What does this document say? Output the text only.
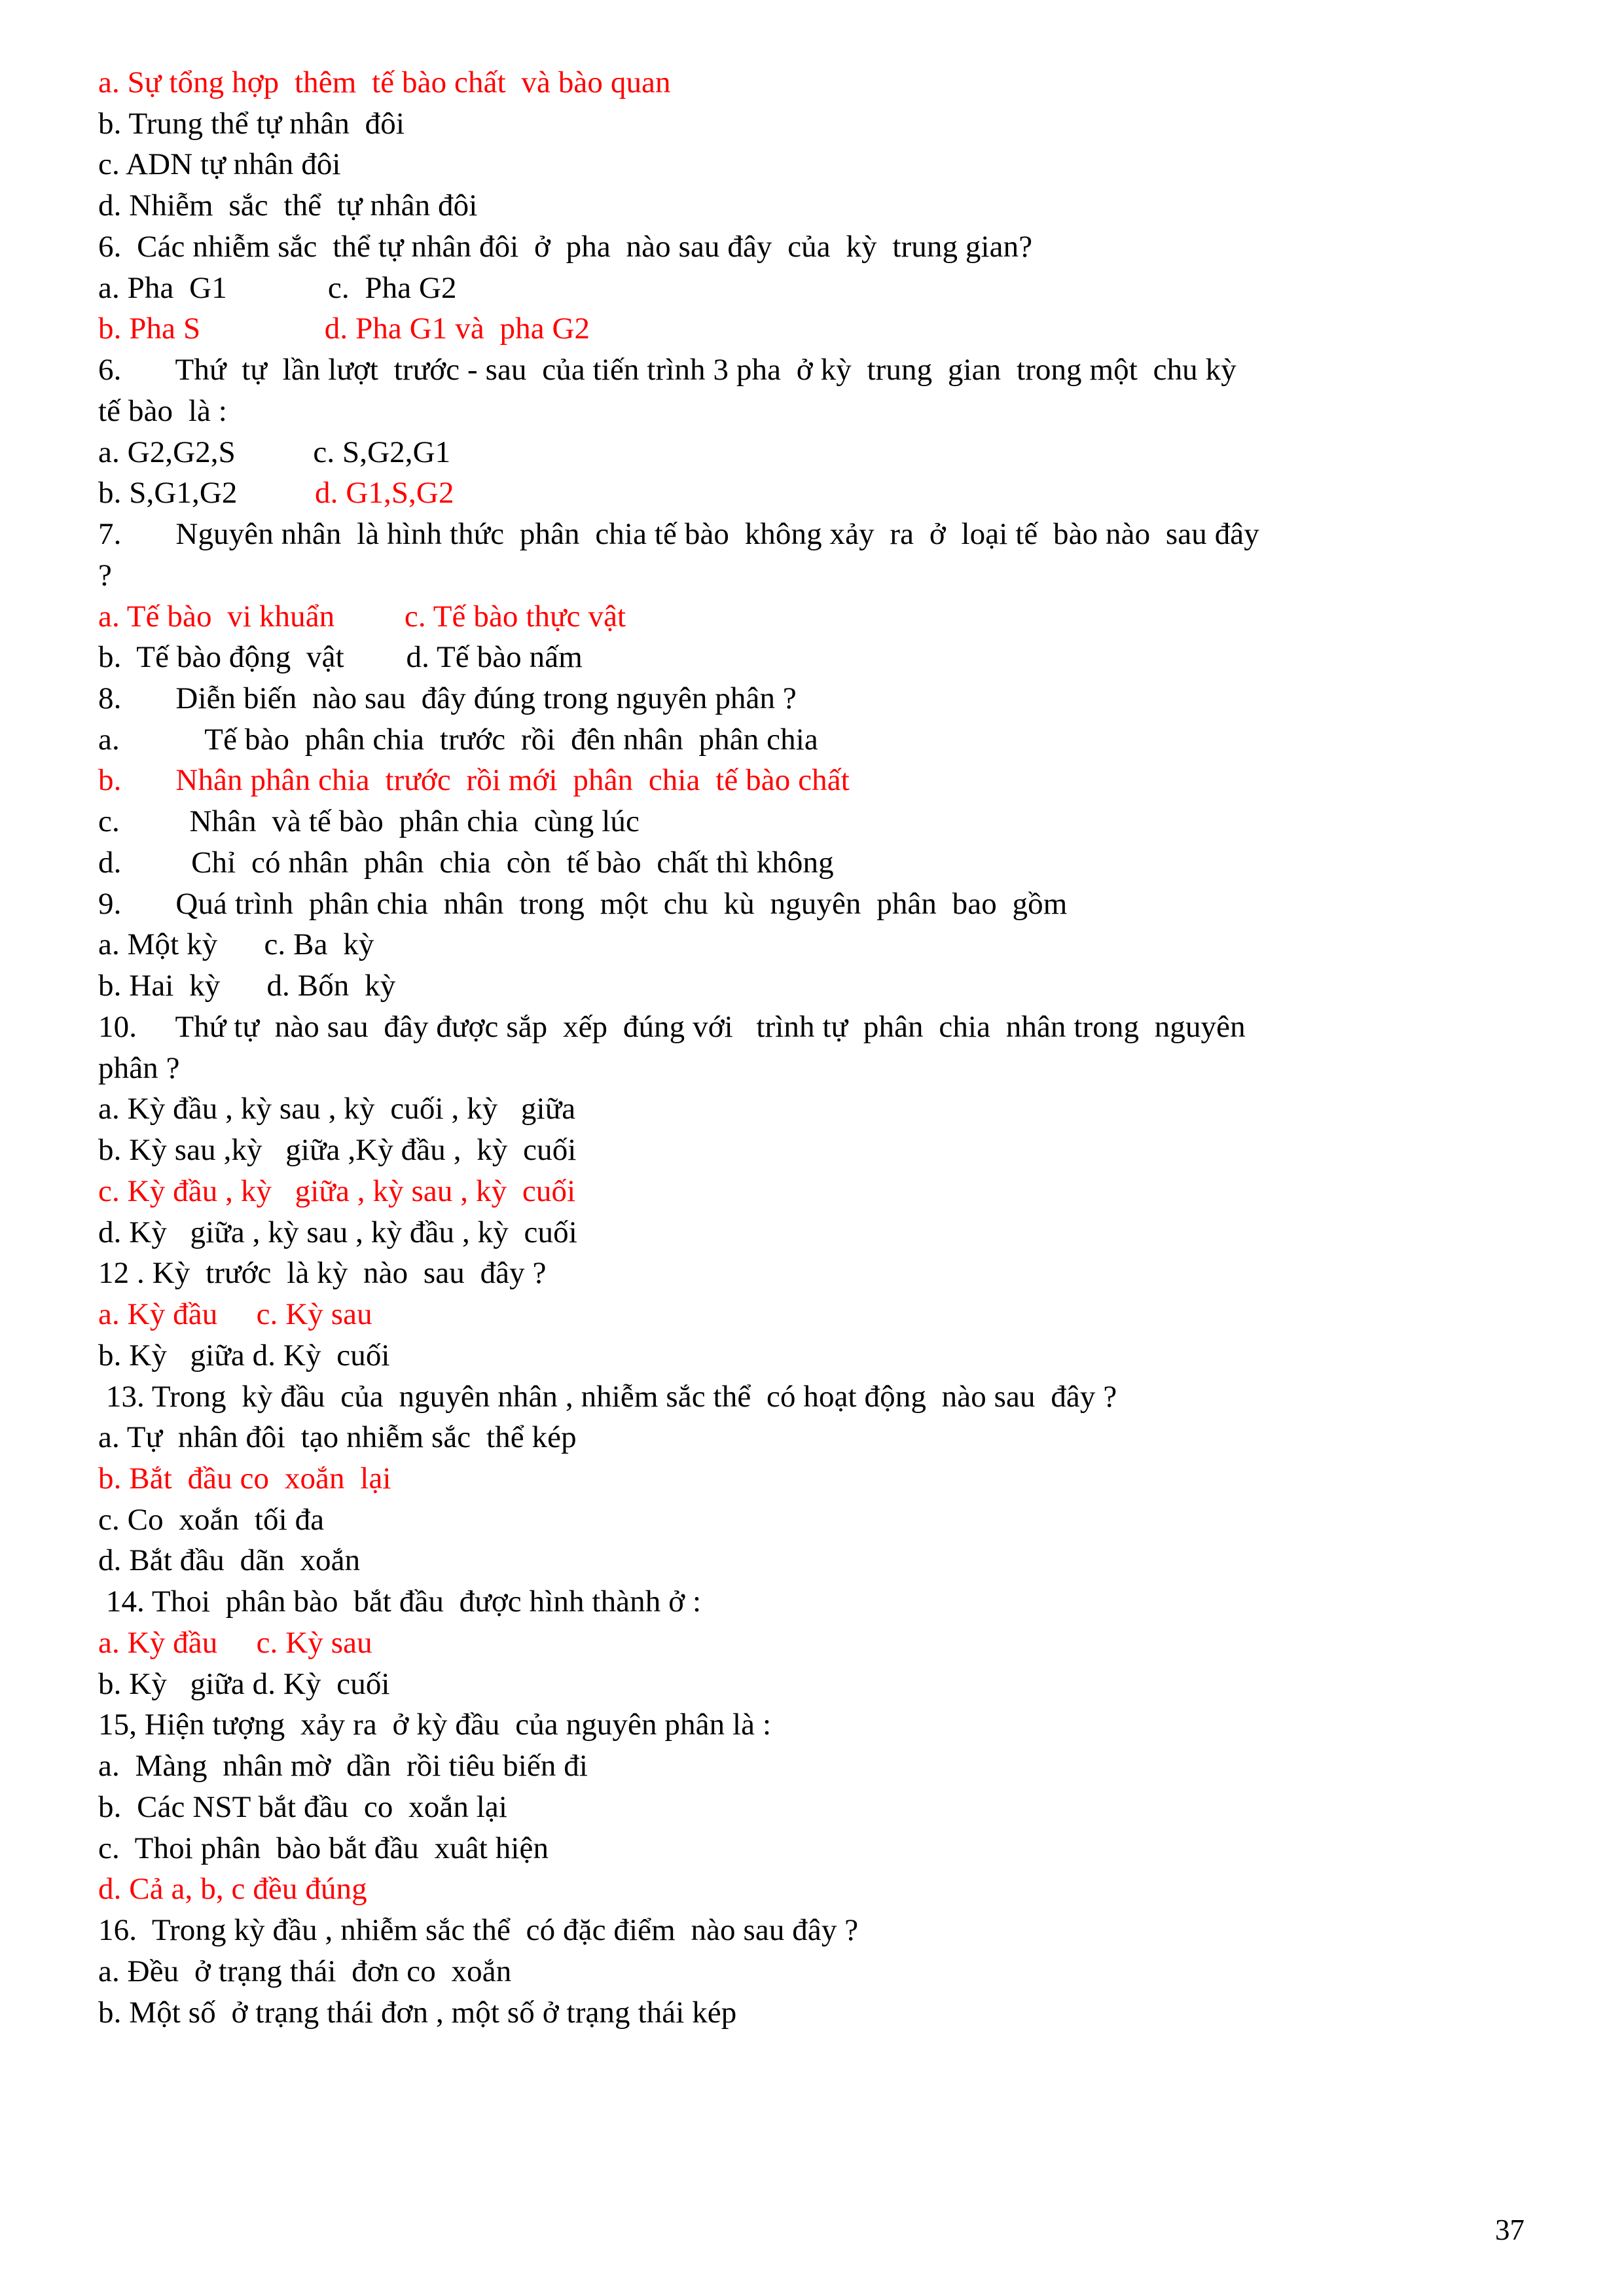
a. Sự tổng hợp  thêm  tế bào chất  và bào quan
b. Trung thể tự nhân  đôi
c. ADN tự nhân đôi
d. Nhiễm  sắc  thể  tự nhân đôi
6.  Các nhiễm sắc  thể tự nhân đôi  ở  pha  nào sau đây  của  kỳ  trung gian?
a. Pha  G1             c.  Pha G2
b. Pha S                d. Pha G1 và  pha G2
6.       Thứ  tự  lần lượt  trước - sau  của tiến trình 3 pha  ở kỳ  trung  gian  trong một  chu kỳ
tế bào  là :
a. G2,G2,S          c. S,G2,G1
b. S,G1,G2          d. G1,S,G2
7.       Nguyên nhân  là hình thức  phân  chia tế bào  không xảy  ra  ở  loại tế  bào nào  sau đây
?
a. Tế bào  vi khuẩn         c. Tế bào thực vật
b.  Tế bào động  vật        d. Tế bào nấm
8.       Diễn biến  nào sau  đây đúng trong nguyên phân ?
a.           Tế bào  phân chia  trước  rồi  đên nhân  phân chia
b.       Nhân phân chia  trước  rồi mới  phân  chia  tế bào chất
c.         Nhân  và tế bào  phân chia  cùng lúc
d.         Chỉ  có nhân  phân  chia  còn  tế bào  chất thì không
9.       Quá trình  phân chia  nhân  trong  một  chu  kù  nguyên  phân  bao  gồm
a. Một kỳ      c. Ba  kỳ
b. Hai  kỳ      d. Bốn  kỳ
10.     Thứ tự  nào sau  đây được sắp  xếp  đúng với   trình tự  phân  chia  nhân trong  nguyên
phân ?
a. Kỳ đầu , kỳ sau , kỳ  cuối , kỳ   giữa
b. Kỳ sau ,kỳ   giữa ,Kỳ đầu ,  kỳ  cuối
c. Kỳ đầu , kỳ   giữa , kỳ sau , kỳ  cuối
d. Kỳ   giữa , kỳ sau , kỳ đầu , kỳ  cuối
12 . Kỳ  trước  là kỳ  nào  sau  đây ?
a. Kỳ đầu     c. Kỳ sau
b. Kỳ   giữa d. Kỳ  cuối
13. Trong  kỳ đầu  của  nguyên nhân , nhiễm sắc thể  có hoạt động  nào sau  đây ?
a. Tự  nhân đôi  tạo nhiễm sắc  thể kép
b. Bắt  đầu co  xoắn  lại
c. Co  xoắn  tối đa
d. Bắt đầu  dãn  xoắn
14. Thoi  phân bào  bắt đầu  được hình thành ở :
a. Kỳ đầu     c. Kỳ sau
b. Kỳ   giữa d. Kỳ  cuối
15, Hiện tượng  xảy ra  ở kỳ đầu  của nguyên phân là :
a.  Màng  nhân mờ  dần  rồi tiêu biến đi
b.  Các NST bắt đầu  co  xoắn lại
c.  Thoi phân  bào bắt đầu  xuât hiện
d. Cả a, b, c đều đúng
16.  Trong kỳ đầu , nhiễm sắc thể  có đặc điểm  nào sau đây ?
a. Đều  ở trạng thái  đơn co  xoắn
b. Một số  ở trạng thái đơn , một số ở trạng thái kép
37
